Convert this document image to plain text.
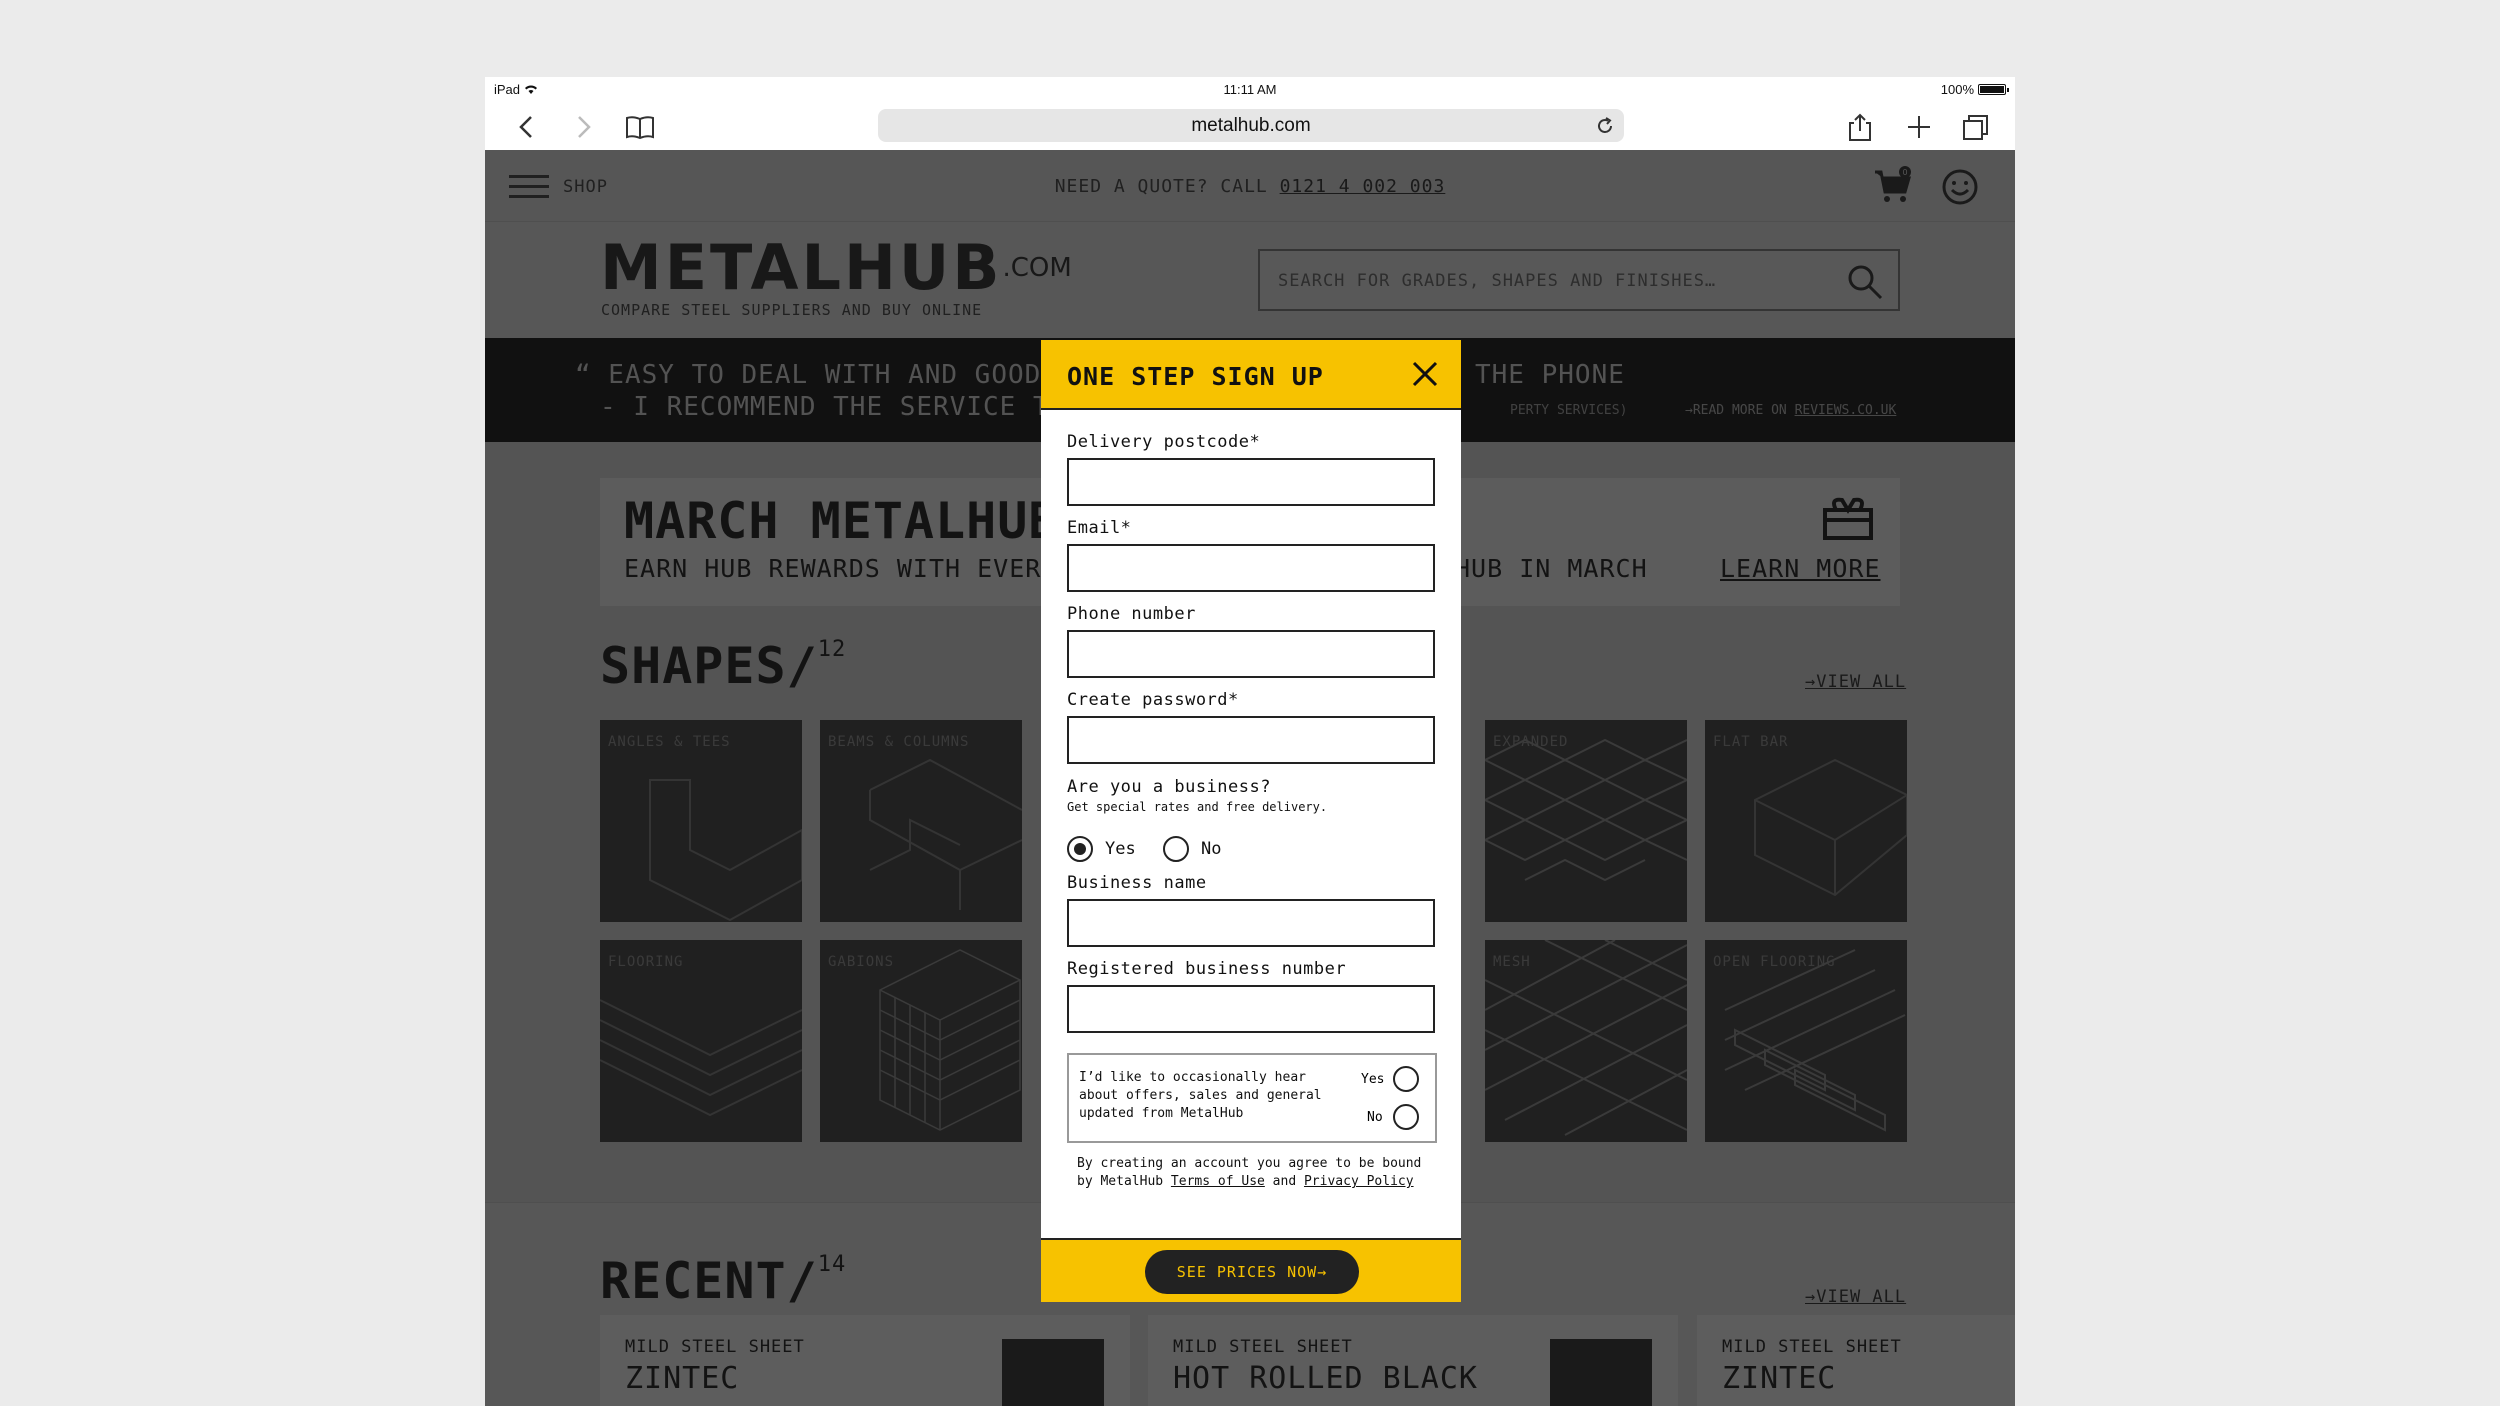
iPad	11:11 AM	100%
metalhub.com
ONE STEP SIGN UP
Delivery postcode*
Email*
Phone number
Create password*
Are you a business?
Get special rates and free delivery.
Yes	No
Business name
Registered business number
I’d like to occasionally hear about offers, sales and general updated from MetalHub
Yes
No
By creating an account you agree to be bound by MetalHub Terms of Use and Privacy Policy
SEE PRICES NOW→
